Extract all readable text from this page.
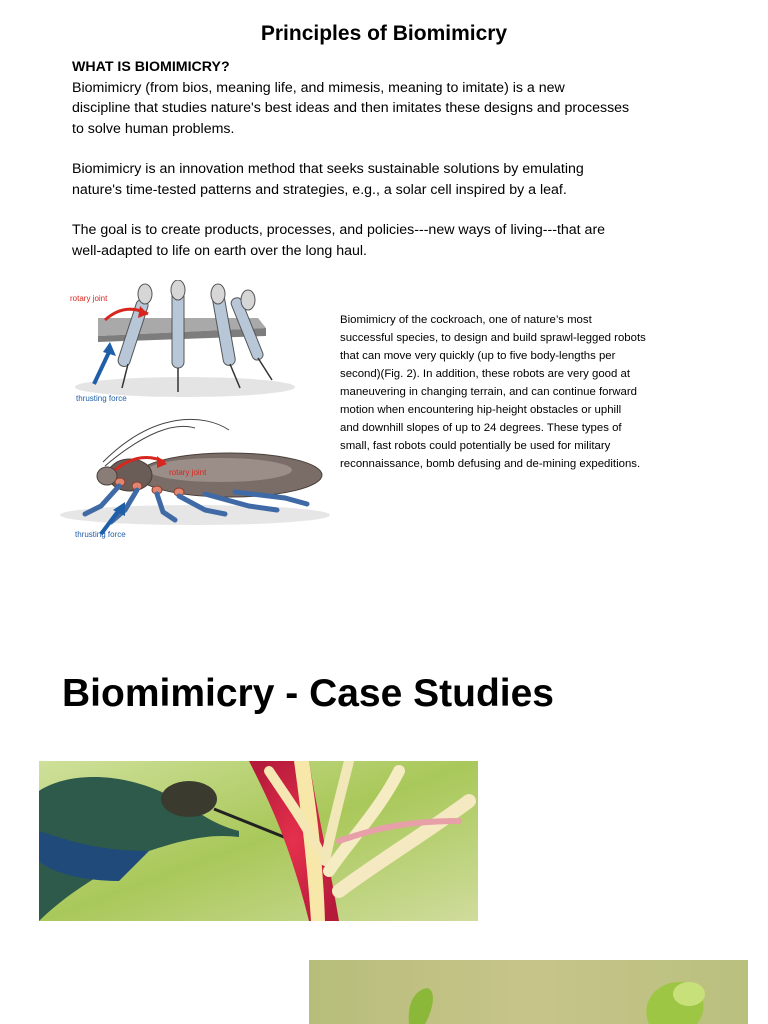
Principles of Biomimicry

WHAT IS BIOMIMICRY?

Biomimicry (from bios, meaning life, and mimesis, meaning to imitate) is a new

discipline that studies nature's best ideas and then imitates these designs and processes

to solve human problems.

Biomimicry is an innovation method that seeks sustainable solutions by emulating

nature's time-tested patterns and strategies, e.g., a solar cell inspired by a leaf.

The goal is to create products, processes, and policies---new ways of living---that are

well-adapted to life on earth over the long haul.

rotary joint
thrusting force
rotary joint
thrusting force
Biomimicry of the cockroach, one of nature’s most
successful species, to design and build sprawl-legged robots
that can move very quickly (up to five body-lengths per
second)(Fig. 2). In addition, these robots are very good at
maneuvering in changing terrain, and can continue forward
motion when encountering hip-height obstacles or uphill
and downhill slopes of up to 24 degrees. These types of
small, fast robots could potentially be used for military
reconnaissance, bomb defusing and de-mining expeditions.
Biomimicry - Case Studies
